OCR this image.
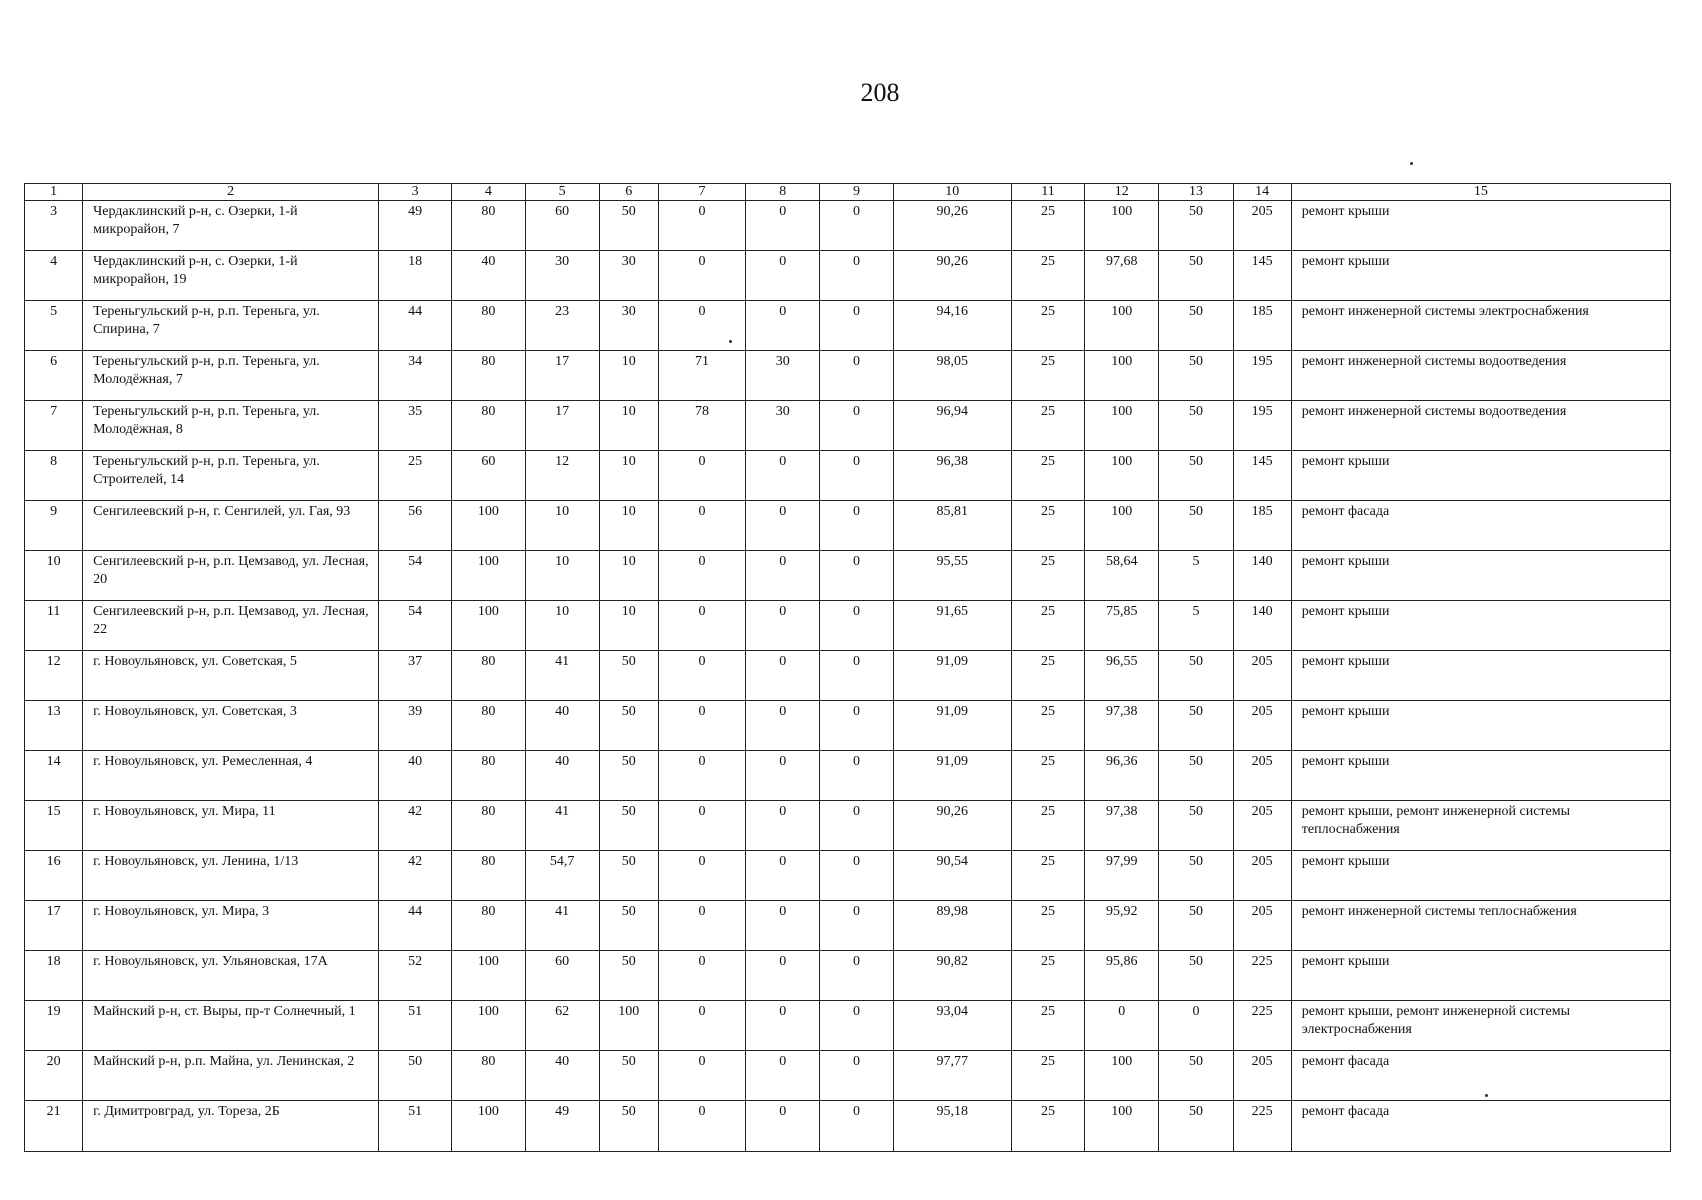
208
1	2	3	4	5	6	7	8	9	10	11	12	13	14	15
3	Чердаклинский р-н, с. Озерки, 1-й микрорайон, 7	49	80	60	50	0	0	0	90,26	25	100	50	205	ремонт крыши
4	Чердаклинский р-н, с. Озерки, 1-й микрорайон, 19	18	40	30	30	0	0	0	90,26	25	97,68	50	145	ремонт крыши
5	Тереньгульский р-н, р.п. Тереньга, ул. Спирина, 7	44	80	23	30	0	0	0	94,16	25	100	50	185	ремонт инженерной системы электроснабжения
6	Тереньгульский р-н, р.п. Тереньга, ул. Молодёжная, 7	34	80	17	10	71	30	0	98,05	25	100	50	195	ремонт инженерной системы водоотведения
7	Тереньгульский р-н, р.п. Тереньга, ул. Молодёжная, 8	35	80	17	10	78	30	0	96,94	25	100	50	195	ремонт инженерной системы водоотведения
8	Тереньгульский р-н, р.п. Тереньга, ул. Строителей, 14	25	60	12	10	0	0	0	96,38	25	100	50	145	ремонт крыши
9	Сенгилеевский р-н, г. Сенгилей, ул. Гая, 93	56	100	10	10	0	0	0	85,81	25	100	50	185	ремонт фасада
10	Сенгилеевский р-н, р.п. Цемзавод, ул. Лесная, 20	54	100	10	10	0	0	0	95,55	25	58,64	5	140	ремонт крыши
11	Сенгилеевский р-н, р.п. Цемзавод, ул. Лесная, 22	54	100	10	10	0	0	0	91,65	25	75,85	5	140	ремонт крыши
12	г. Новоульяновск, ул. Советская, 5	37	80	41	50	0	0	0	91,09	25	96,55	50	205	ремонт крыши
13	г. Новоульяновск, ул. Советская, 3	39	80	40	50	0	0	0	91,09	25	97,38	50	205	ремонт крыши
14	г. Новоульяновск, ул. Ремесленная, 4	40	80	40	50	0	0	0	91,09	25	96,36	50	205	ремонт крыши
15	г. Новоульяновск, ул. Мира, 11	42	80	41	50	0	0	0	90,26	25	97,38	50	205	ремонт крыши, ремонт инженерной системы теплоснабжения
16	г. Новоульяновск, ул. Ленина, 1/13	42	80	54,7	50	0	0	0	90,54	25	97,99	50	205	ремонт крыши
17	г. Новоульяновск, ул. Мира, 3	44	80	41	50	0	0	0	89,98	25	95,92	50	205	ремонт инженерной системы теплоснабжения
18	г. Новоульяновск, ул. Ульяновская, 17А	52	100	60	50	0	0	0	90,82	25	95,86	50	225	ремонт крыши
19	Майнский р-н, ст. Выры, пр-т Солнечный, 1	51	100	62	100	0	0	0	93,04	25	0	0	225	ремонт крыши, ремонт инженерной системы электроснабжения
20	Майнский р-н, р.п. Майна, ул. Ленинская, 2	50	80	40	50	0	0	0	97,77	25	100	50	205	ремонт фасада
21	г. Димитровград, ул. Тореза, 2Б	51	100	49	50	0	0	0	95,18	25	100	50	225	ремонт фасада
